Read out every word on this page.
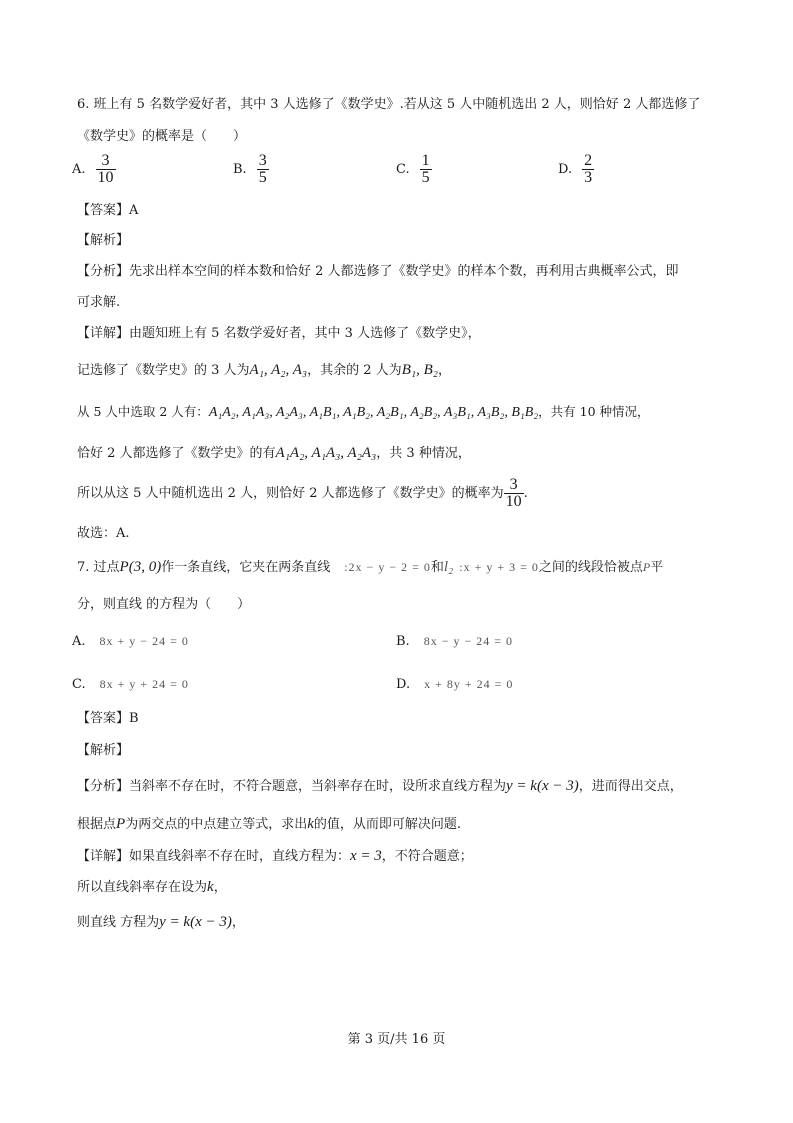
6. 班上有 5 名数学爱好者，其中 3 人选修了《数学史》.若从这 5 人中随机选出 2 人，则恰好 2 人都选修了
《数学史》的概率是（　　）
A. $\frac{3}{10}$	B. $\frac{3}{5}$	C. $\frac{1}{5}$	D. $\frac{2}{3}$
【答案】A
【解析】
【分析】先求出样本空间的样本数和恰好 2 人都选修了《数学史》的样本个数，再利用古典概率公式，即
可求解.
【详解】由题知班上有 5 名数学爱好者，其中 3 人选修了《数学史》，
记选修了《数学史》的 3 人为A₁, A₂, A₃，其余的 2 人为B₁, B₂，
从 5 人中选取 2 人有：A₁A₂, A₁A₃, A₂A₃, A₁B₁, A₁B₂, A₂B₁, A₂B₂, A₃B₁, A₃B₂, B₁B₂，共有 10 种情况，
恰好 2 人都选修了《数学史》的有A₁A₂, A₁A₃, A₂A₃，共 3 种情况，
所以从这 5 人中随机选出 2 人，则恰好 2 人都选修了《数学史》的概率为 $\frac{3}{10}$ .
故选：A.
7. 过点P(3, 0)作一条直线，它夹在两条直线 :2x − y − 2 = 0和l₂ :x + y + 3 = 0之间的线段恰被点P平
分，则直线 的方程为（　　）
A. 8x + y − 24 = 0	B. 8x − y − 24 = 0
C. 8x + y + 24 = 0	D. x + 8y + 24 = 0
【答案】B
【解析】
【分析】当斜率不存在时，不符合题意，当斜率存在时，设所求直线方程为y = k(x − 3)，进而得出交点，
根据点P为两交点的中点建立等式，求出k的值，从而即可解决问题.
【详解】如果直线斜率不存在时，直线方程为：x = 3，不符合题意；
所以直线斜率存在设为k，
则直线 方程为y = k(x − 3)，
第 3 页/共 16 页
